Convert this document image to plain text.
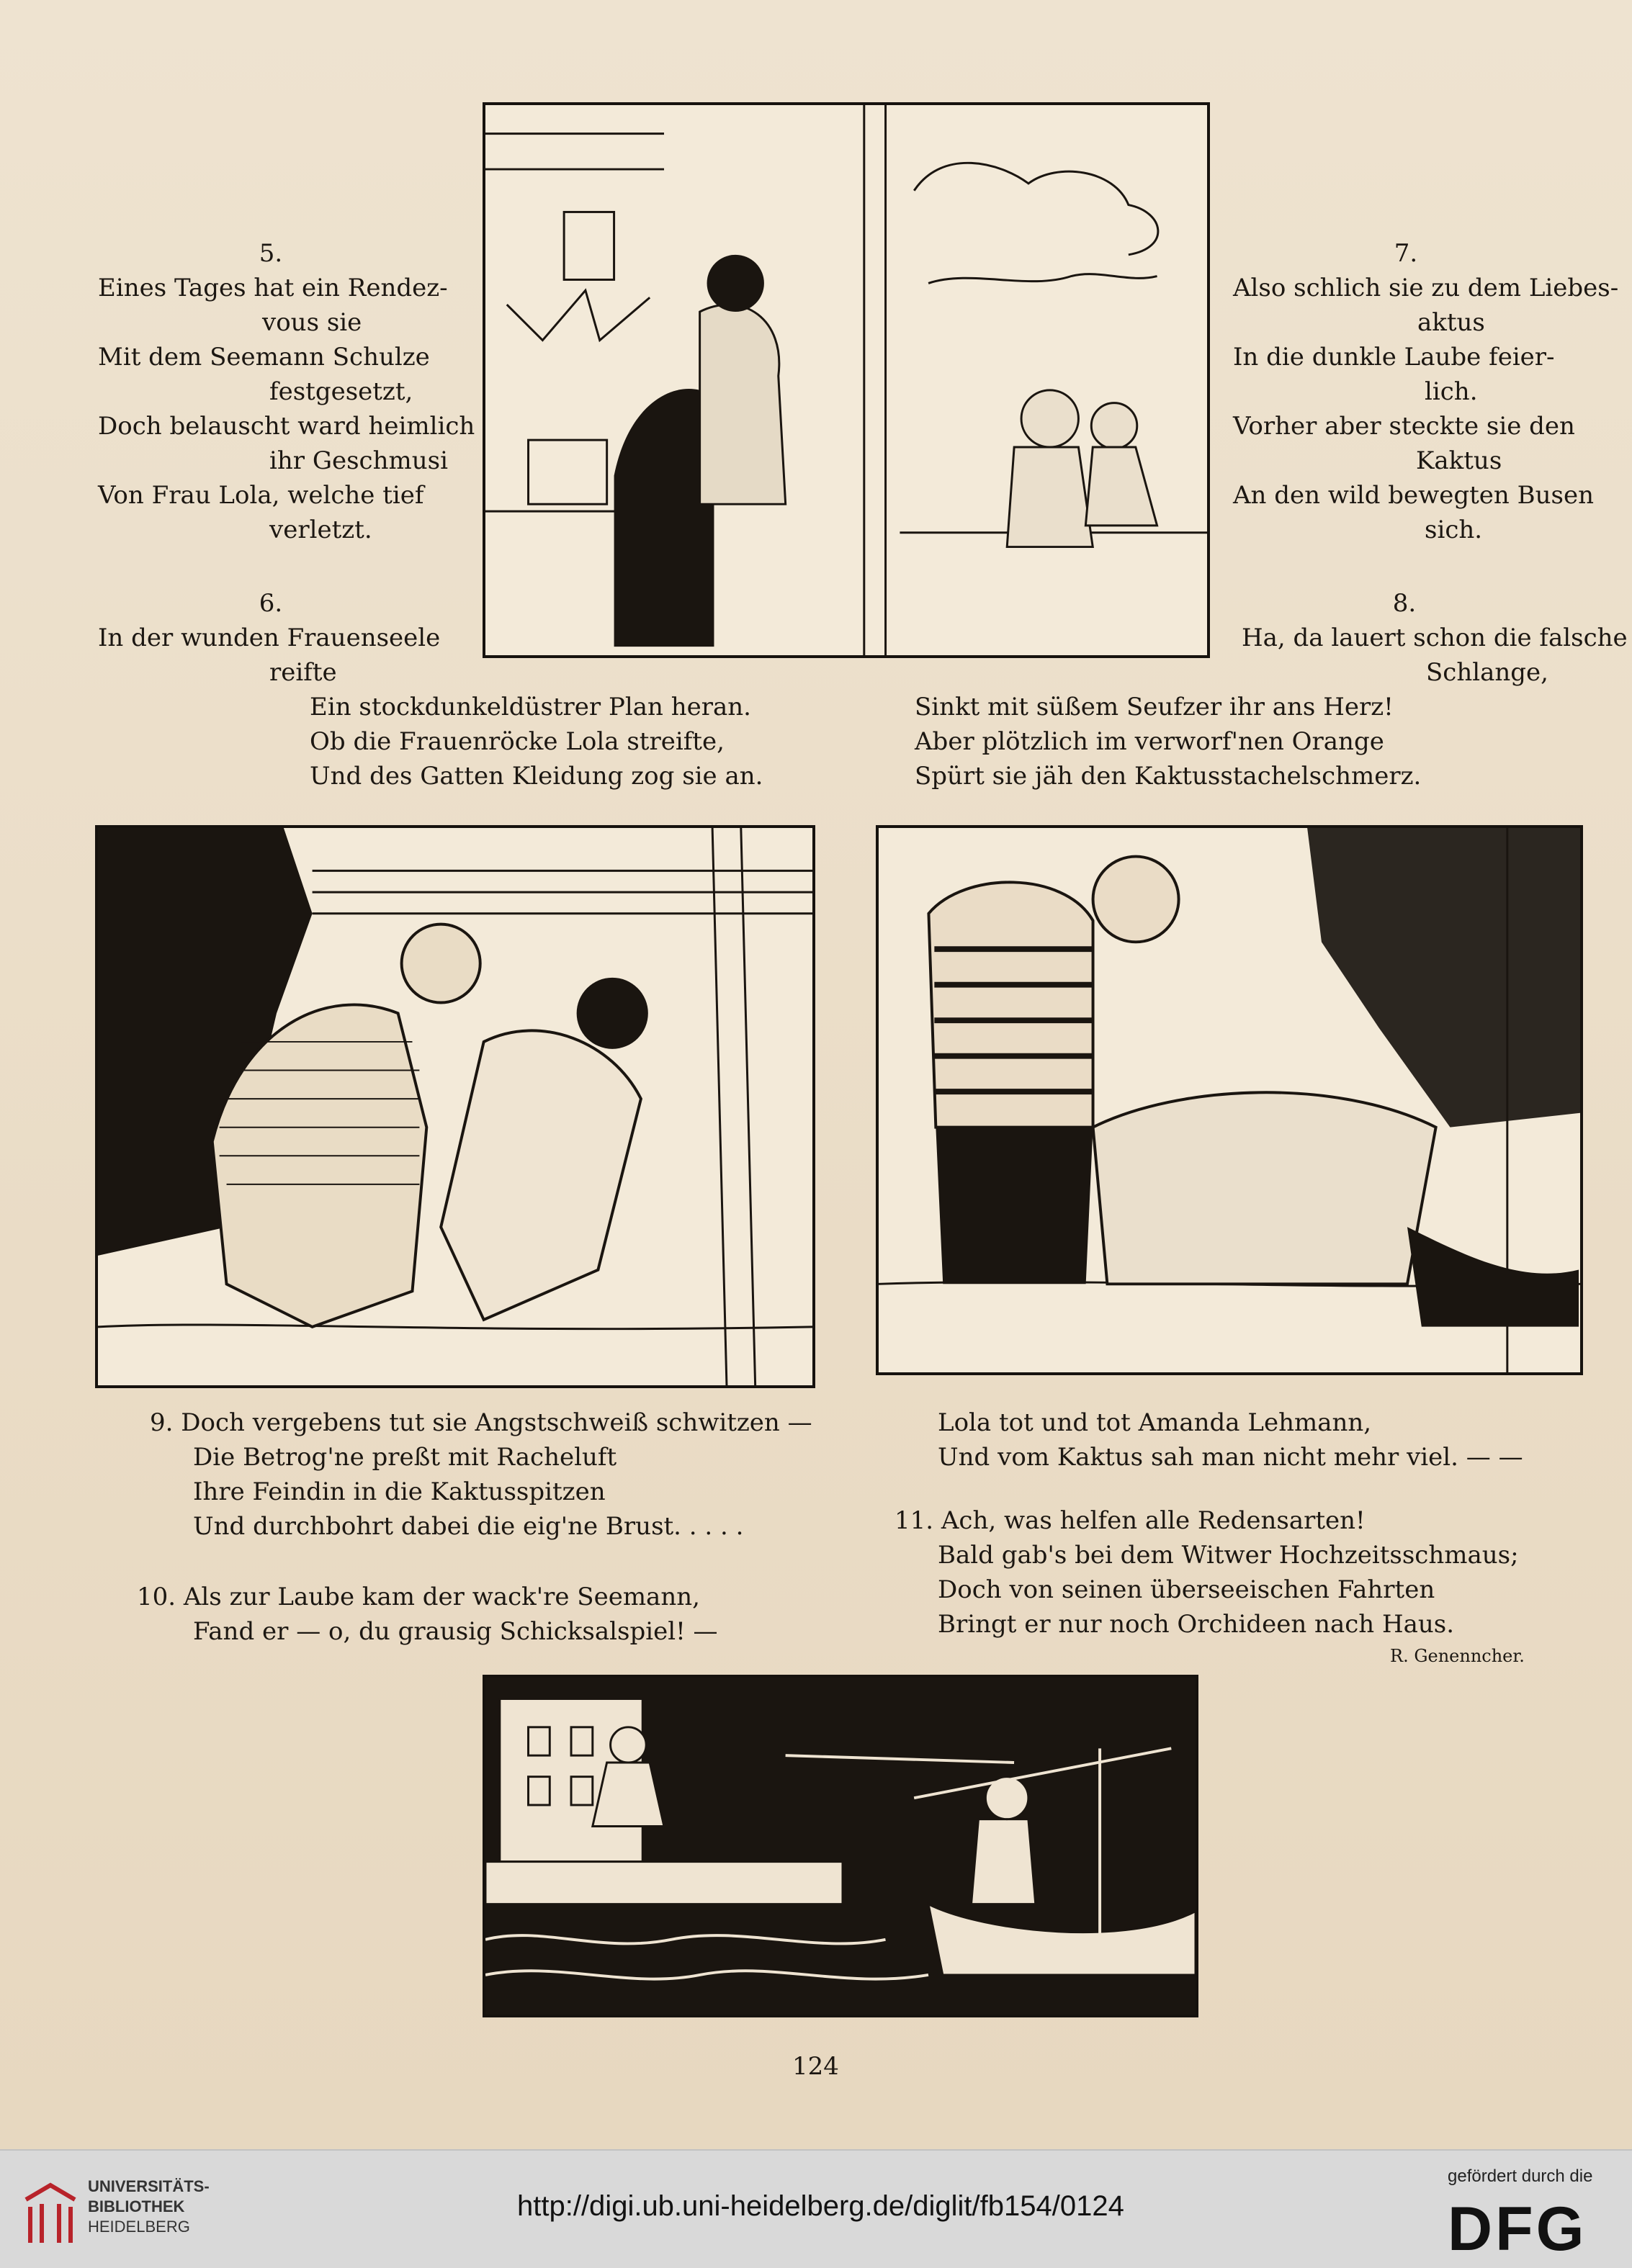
5.
Eines Tages hat ein Rendez-
vous sie
Mit dem Seemann Schulze
festgesetzt,
Doch belauscht ward heimlich
ihr Geschmusi
Von Frau Lola, welche tief
verletzt.
6.
In der wunden Frauenseele
reifte
Ein stockdunkeldüstrer Plan heran.
Ob die Frauenröcke Lola streifte,
Und des Gatten Kleidung zog sie an.
7.
Also schlich sie zu dem Liebes-
aktus
In die dunkle Laube feier-
lich.
Vorher aber steckte sie den
Kaktus
An den wild bewegten Busen
sich.
8.
Ha, da lauert schon die falsche
Schlange,
Sinkt mit süßem Seufzer ihr ans Herz!
Aber plötzlich im verworf'nen Orange
Spürt sie jäh den Kaktusstachelschmerz.
9. Doch vergebens tut sie Angstschweiß schwitzen —
Die Betrog'ne preßt mit Racheluft
Ihre Feindin in die Kaktusspitzen
Und durchbohrt dabei die eig'ne Brust. . . . .
10. Als zur Laube kam der wack're Seemann,
Fand er — o, du grausig Schicksalspiel! —
Lola tot und tot Amanda Lehmann,
Und vom Kaktus sah man nicht mehr viel. — —
11. Ach, was helfen alle Redensarten!
Bald gab's bei dem Witwer Hochzeitsschmaus;
Doch von seinen überseeischen Fahrten
Bringt er nur noch Orchideen nach Haus.
R. Genenncher.
124
UNIVERSITÄTS-
BIBLIOTHEK
HEIDELBERG
http://digi.ub.uni-heidelberg.de/diglit/fb154/0124
gefördert durch die
DFG
